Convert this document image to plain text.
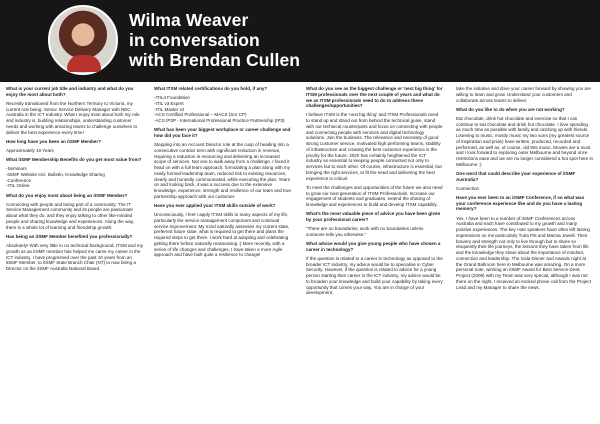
Wilma Weaver
in conversation
with Brendan Cullen

What is your current job title and industry and what do you enjoy the most about both?

Recently transitioned from the Northern Territory to Victoria, my current role being: Senior Service Delivery Manager with NEC Australia in the ICT Industry. What I enjoy most about both my role and industry is, building relationships, understanding customer needs and working with amazing teams to challenge ourselves to deliver the best experience every time!

How long have you been an itSMF Member?

Approximately 10 Years

What itSMF Membership Benefits do you get most value from?

-Seminars
-itSMF Website Incl. Bulletin, Knowledge Sharing
-Conference
-ITIL Online

What do you enjoy most about being an itSMF Member?

Connecting with people and being part of a community. The IT Service Management community and its people are passionate about what they do, and they enjoy talking to other like-minded people and sharing knowledge and experiences. Along the way, there is a whole lot of learning and friendship growth.

Has being an itSMF Member benefited you professionally?

Absolutely! With very little to no technical background, ITSM and my growth as an itSMF member has helped me carve my career in the ICT industry. I have progressed over the past 10 years from an itSMF Member, to itSMF State Branch Chair (NT) to now being a Director on the itSMF Australia National Board.

What ITSM related certifications do you hold, if any?

-ITIL4 Foundation
-ITIL v3 Expert
-ITIL Master v2
-ACS Certified Professional – MACS (Snr CP)
-ACS IP3P - International Professional Practice Partnership (IP3)

What has been your biggest workplace or career challenge and how did you face it?

Stepping into an Account Director role at the cusp of heading into a consecutive contract term with significant reduction in revenue, requiring a reduction in resourcing and delivering an increased scope of services. Not one to walk away from a challenge, I faced it head on with a full team approach, formulating a plan along with my newly formed leadership team, reduced risk to existing resources, clearly and honestly communicated, while executing the plan. Years on and looking back, it was a success due to the extensive knowledge, experience, strength and resilience of our team and true partnership approach with our customer.

Have you ever applied your ITSM skills outside of work?

Unconsciously, I feel I apply ITSM skills to many aspects of my life, particularly the service management component and continual service improvement. My mind naturally assesses my current state, preferred future state, what is required to get there and plans the required steps to get there. I work hard at adopting and celebrating getting there before naturally reassessing :) More recently, with a series of life changes and challenges, I have taken a more Agile approach and have built quite a resilience to change!

What do you see as the biggest challenge or 'next big thing' for ITSM professionals over the next couple of years and what do we as ITSM professionals need to do to address these challenges/opportunities?

I believe ITSM is the 'next big thing' and ITSM Professionals need to stand up and stand out from behind the technical guise, stand with our technical counterparts and focus on connecting with people and connecting people with services and digital technology solutions. Join the business. The relevance and necessity of good strong customer service, motivated high performing teams, stability of infrastructure and creating the best customer experience is the priority for the future. 2020 has certainly heightened the ICT industry as essential to keeping people connected not only to services but to each other. Of course, infrastructure is essential, but bringing the right services, to fit the need and delivering the best experience is critical.

To meet the challenges and opportunities of the future we also need to grow our next generation of ITSM Professionals. Increase our engagement of students and graduates, extend the sharing of knowledge and experiences to build and develop ITSM capability.

What's the most valuable piece of advice you have been given by your professional career?

"There are no boundaries, work with no boundaries unless someone tells you otherwise."

What advice would you give young people who have chosen a career in technology?

If the question is related to a career in technology as opposed to the broader ICT industry, my advice would be to specialise in Cyber Security. However, if the question is related to advice for a young person starting their career in the ICT industry, my advice would be to broaden your knowledge and build your capability by taking every opportunity that comes your way. You are in charge of your development,

take the initiative and drive your career forward by showing you are willing to learn and grow. Understand your customers and collaborate across teams to deliver.

What do you like to do when you are not working?

Eat chocolate, drink hot chocolate and exercise so that I can continue to eat chocolate and drink hot chocolate. I love spending as much time as possible with family and catching up with friends. Listening to music, mostly music my two sons (my greatest source of inspiration and pride) have written, produced, recorded and performed, as well as, of course, old 80s music. Movies are a must and I look forward to exploring outer Melbourne and beyond once restrictions ease and we are no longer considered a hot spot here in Melbourne ;)

One word that could describe your experience of itSMF Australia?

Connection

Have you ever been to an itSMF Conference, if so what was your conference experience like and do you have a lasting memory?

Yes, I have been to a number of itSMF Conferences across Australia and each have contributed to my growth and many positive experiences. The key note speakers have often left lasting impressions on me particularly Turia Pitt and Marina Jewell. Their bravery and strength not only to live through but to share so eloquently their life journeys, the lessons they have taken from life and the knowledge they share about the importance of mindset, connection and leadership. The Gala Dinner and Awards night at the Grand Ballroom here in Melbourne was amazing. On a more personal note, winning an itSMF Award for Best Service Desk Project (2008) with my Team was very special, although I was not there on the night, I received an excited phone call from the Project Lead and my Manager to share the news.
